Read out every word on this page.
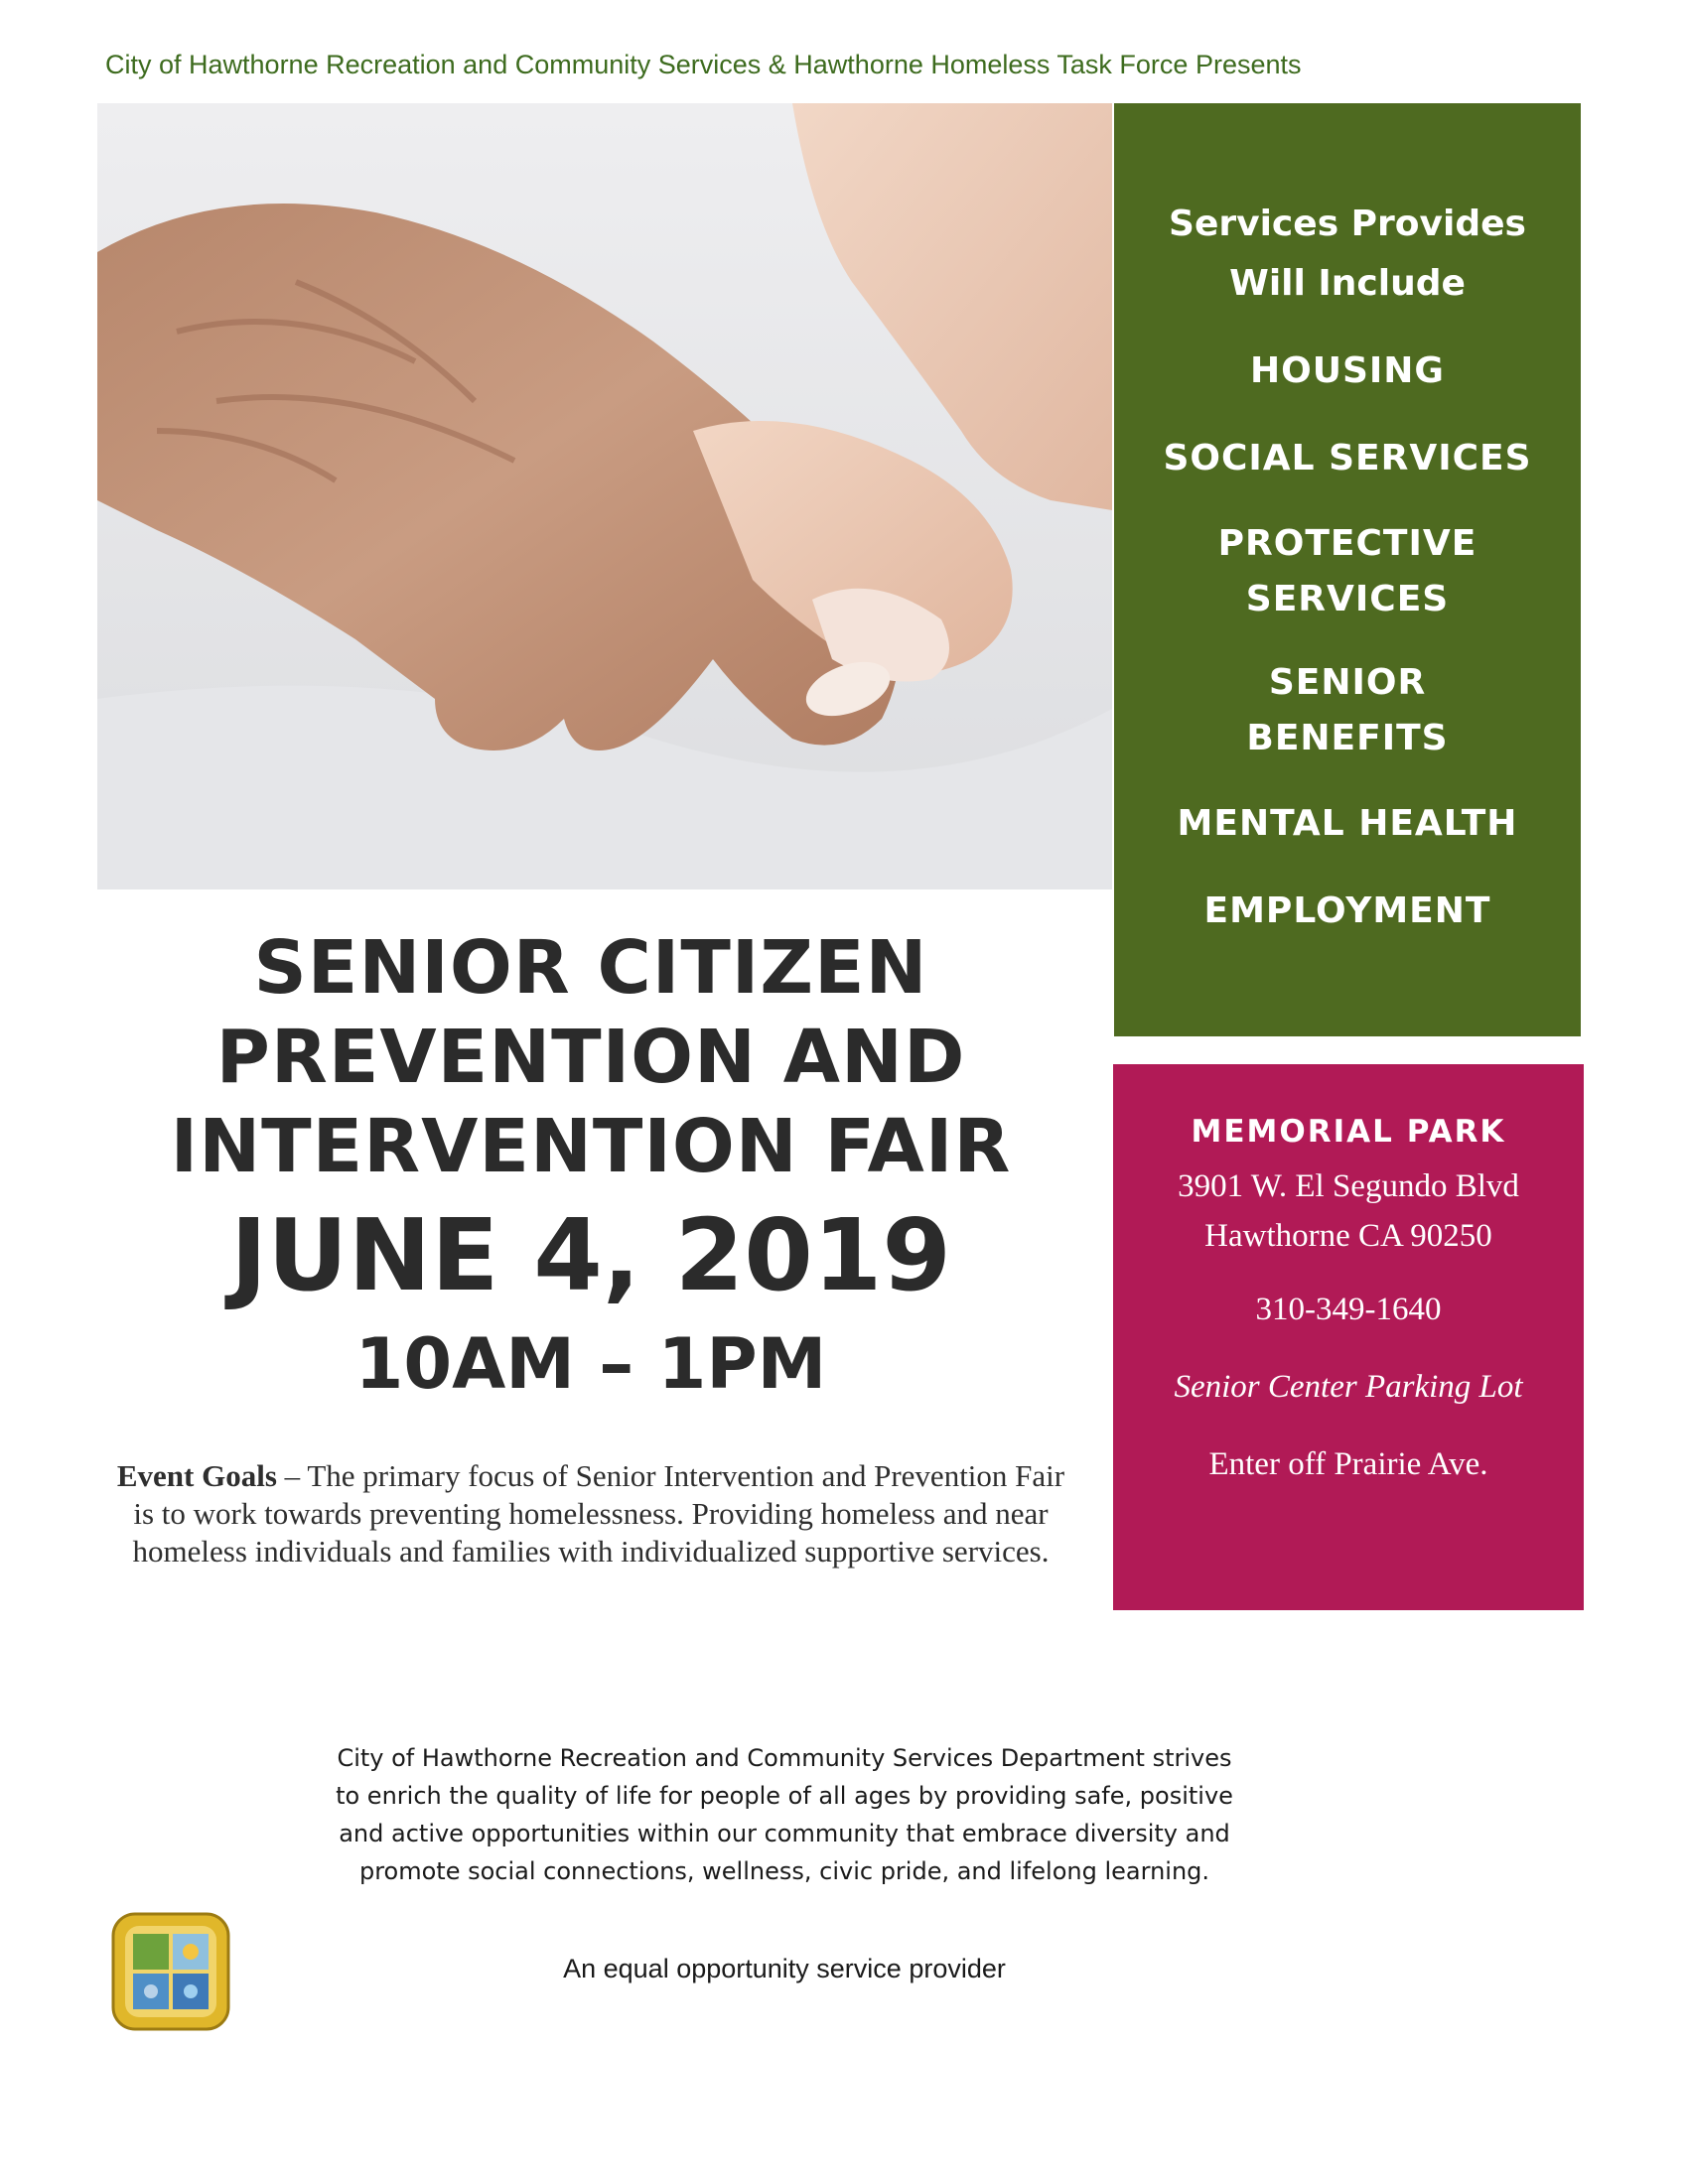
City of Hawthorne Recreation and Community Services & Hawthorne Homeless Task Force Presents
Services Provides
Will Include
HOUSING
SOCIAL SERVICES
PROTECTIVE
SERVICES
SENIOR
BENEFITS
MENTAL HEALTH
EMPLOYMENT
MEMORIAL PARK
3901 W. El Segundo Blvd
Hawthorne CA 90250
310-349-1640
Senior Center Parking Lot
Enter off Prairie Ave.
SENIOR CITIZEN
PREVENTION AND
INTERVENTION FAIR
JUNE 4, 2019
10AM – 1PM
Event Goals – The primary focus of Senior Intervention and Prevention Fair is to work towards preventing homelessness. Providing homeless and near homeless individuals and families with individualized supportive services.
City of Hawthorne Recreation and Community Services Department strives
to enrich the quality of life for people of all ages by providing safe, positive
and active opportunities within our community that embrace diversity and
promote social connections, wellness, civic pride, and lifelong learning.
An equal opportunity service provider
